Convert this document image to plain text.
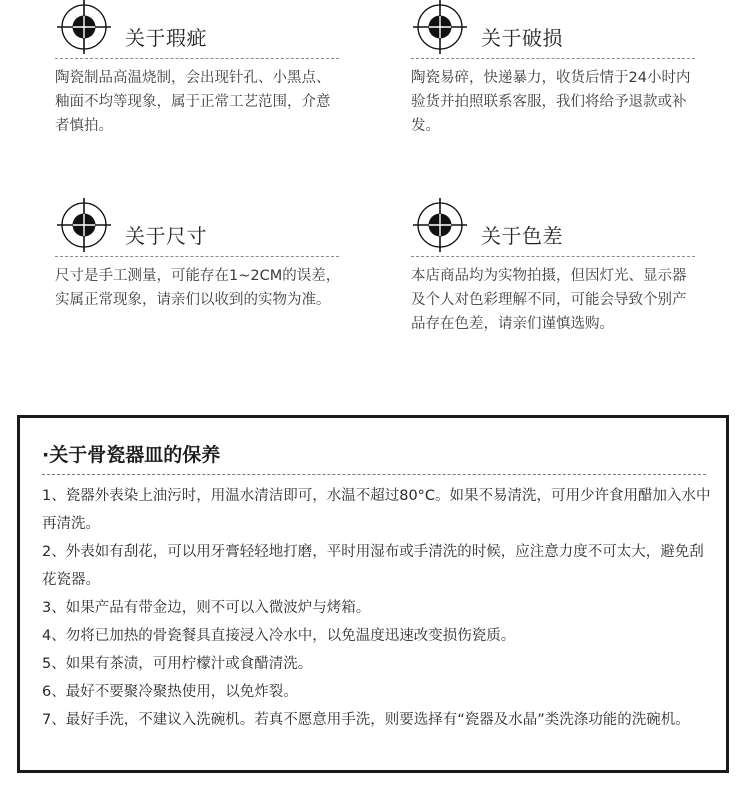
关于瑕疵
陶瓷制品高温烧制，会出现针孔、小黑点、釉面不均等现象，属于正常工艺范围，介意者慎拍。
关于破损
陶瓷易碎，快递暴力，收货后情于24小时内验货并拍照联系客服，我们将给予退款或补发。
关于尺寸
尺寸是手工测量，可能存在1~2CM的误差，实属正常现象，请亲们以收到的实物为准。
关于色差
本店商品均为实物拍摄，但因灯光、显示器及个人对色彩理解不同，可能会导致个别产品存在色差，请亲们谨慎选购。
·关于骨瓷器皿的保养
1、瓷器外表染上油污时，用温水清洁即可，水温不超过80°C。如果不易清洗，可用少许食用醋加入水中再清洗。
2、外表如有刮花，可以用牙膏轻轻地打磨，平时用湿布或手清洗的时候，应注意力度不可太大，避免刮花瓷器。
3、如果产品有带金边，则不可以入微波炉与烤箱。
4、勿将已加热的骨瓷餐具直接浸入冷水中，以免温度迅速改变损伤瓷质。
5、如果有茶渍，可用柠檬汁或食醋清洗。
6、最好不要聚冷聚热使用，以免炸裂。
7、最好手洗，不建议入洗碗机。若真不愿意用手洗，则要选择有“瓷器及水晶”类洗涤功能的洗碗机。
